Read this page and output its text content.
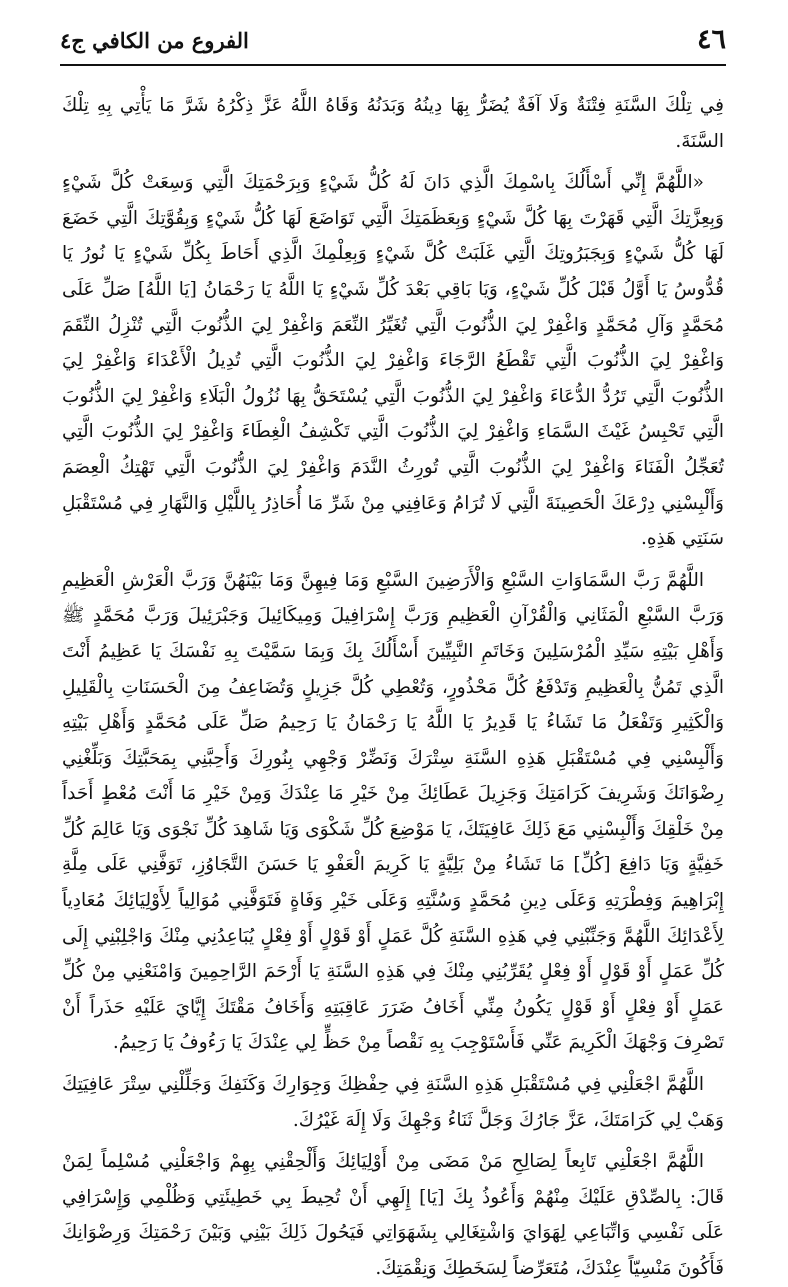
٤٦
الفروع من الكافي ج٤

فِي تِلْكَ السَّنَةِ فِتْنَةٌ وَلَا آفَةٌ يُضَرُّ بِهَا دِينُهُ وَبَدَنُهُ وَقَاهُ اللَّهُ عَزَّ ذِكْرُهُ شَرَّ مَا يَأْتِي بِهِ تِلْكَ السَّنَةَ.

«اللَّهُمَّ إِنِّي أَسْأَلُكَ بِاسْمِكَ الَّذِي دَانَ لَهُ كُلُّ شَيْءٍ وَبِرَحْمَتِكَ الَّتِي وَسِعَتْ كُلَّ شَيْءٍ وَبِعِزَّتِكَ الَّتِي قَهَرْتَ بِهَا كُلَّ شَيْءٍ وَبِعَظَمَتِكَ الَّتِي تَوَاضَعَ لَهَا كُلُّ شَيْءٍ وَبِقُوَّتِكَ الَّتِي خَضَعَ لَهَا كُلُّ شَيْءٍ وَبِجَبَرُوتِكَ الَّتِي غَلَبَتْ كُلَّ شَيْءٍ وَبِعِلْمِكَ الَّذِي أَحَاطَ بِكُلِّ شَيْءٍ يَا نُورُ يَا قُدُّوسُ يَا أَوَّلُ قَبْلَ كُلِّ شَيْءٍ، وَيَا بَاقِي بَعْدَ كُلِّ شَيْءٍ يَا اللَّهُ يَا رَحْمَانُ [يَا اللَّهُ] صَلِّ عَلَى مُحَمَّدٍ وَآلِ مُحَمَّدٍ وَاغْفِرْ لِيَ الذُّنُوبَ الَّتِي تُغَيِّرُ النِّعَمَ وَاغْفِرْ لِيَ الذُّنُوبَ الَّتِي تُنْزِلُ النِّقَمَ وَاغْفِرْ لِيَ الذُّنُوبَ الَّتِي تَقْطَعُ الرَّجَاءَ وَاغْفِرْ لِيَ الذُّنُوبَ الَّتِي تُدِيلُ الْأَعْدَاءَ وَاغْفِرْ لِيَ الذُّنُوبَ الَّتِي تَرُدُّ الدُّعَاءَ وَاغْفِرْ لِيَ الذُّنُوبَ الَّتِي يُسْتَحَقُّ بِهَا نُزُولُ الْبَلَاءِ وَاغْفِرْ لِيَ الذُّنُوبَ الَّتِي تَحْبِسُ غَيْثَ السَّمَاءِ وَاغْفِرْ لِيَ الذُّنُوبَ الَّتِي تَكْشِفُ الْغِطَاءَ وَاغْفِرْ لِيَ الذُّنُوبَ الَّتِي تُعَجِّلُ الْفَنَاءَ وَاغْفِرْ لِيَ الذُّنُوبَ الَّتِي تُورِثُ النَّدَمَ وَاغْفِرْ لِيَ الذُّنُوبَ الَّتِي تَهْتِكُ الْعِصَمَ وَأَلْبِسْنِي دِرْعَكَ الْحَصِينَةَ الَّتِي لَا تُرَامُ وَعَافِنِي مِنْ شَرِّ مَا أُحَاذِرُ بِاللَّيْلِ وَالنَّهَارِ فِي مُسْتَقْبَلِ سَنَتِي هَذِهِ.

اللَّهُمَّ رَبَّ السَّمَاوَاتِ السَّبْعِ وَالْأَرَضِينَ السَّبْعِ وَمَا فِيهِنَّ وَمَا بَيْنَهُنَّ وَرَبَّ الْعَرْشِ الْعَظِيمِ وَرَبَّ السَّبْعِ الْمَثَانِي وَالْقُرْآنِ الْعَظِيمِ وَرَبَّ إِسْرَافِيلَ وَمِيكَائِيلَ وَجَبْرَئِيلَ وَرَبَّ مُحَمَّدٍ ﷺ وَأَهْلِ بَيْتِهِ سَيِّدِ الْمُرْسَلِينَ وَخَاتَمِ النَّبِيِّينَ أَسْأَلُكَ بِكَ وَبِمَا سَمَّيْتَ بِهِ نَفْسَكَ يَا عَظِيمُ أَنْتَ الَّذِي تَمُنُّ بِالْعَظِيمِ وَتَدْفَعُ كُلَّ مَحْذُورٍ، وَتُعْطِي كُلَّ جَزِيلٍ وَتُضَاعِفُ مِنَ الْحَسَنَاتِ بِالْقَلِيلِ وَالْكَثِيرِ وَتَفْعَلُ مَا تَشَاءُ يَا قَدِيرُ يَا اللَّهُ يَا رَحْمَانُ يَا رَحِيمُ صَلِّ عَلَى مُحَمَّدٍ وَأَهْلِ بَيْتِهِ وَأَلْبِسْنِي فِي مُسْتَقْبَلِ هَذِهِ السَّنَةِ سِتْرَكَ وَنَضِّرْ وَجْهِي بِنُورِكَ وَأَحِبَّنِي بِمَحَبَّتِكَ وَبَلِّغْنِي رِضْوَانَكَ وَشَرِيفَ كَرَامَتِكَ وَجَزِيلَ عَطَائِكَ مِنْ خَيْرِ مَا عِنْدَكَ وَمِنْ خَيْرِ مَا أَنْتَ مُعْطٍ أَحَداً مِنْ خَلْقِكَ وَأَلْبِسْنِي مَعَ ذَلِكَ عَافِيَتَكَ، يَا مَوْضِعَ كُلِّ شَكْوَى وَيَا شَاهِدَ كُلِّ نَجْوَى وَيَا عَالِمَ كُلِّ خَفِيَّةٍ وَيَا دَافِعَ [كُلِّ] مَا تَشَاءُ مِنْ بَلِيَّةٍ يَا كَرِيمَ الْعَفْوِ يَا حَسَنَ التَّجَاوُزِ، تَوَفَّنِي عَلَى مِلَّةِ إِبْرَاهِيمَ وَفِطْرَتِهِ وَعَلَى دِينِ مُحَمَّدٍ وَسُنَّتِهِ وَعَلَى خَيْرِ وَفَاةٍ فَتَوَفَّنِي مُوَالِياً لِأَوْلِيَائِكَ مُعَادِياً لِأَعْدَائِكَ اللَّهُمَّ وَجَنِّبْنِي فِي هَذِهِ السَّنَةِ كُلَّ عَمَلٍ أَوْ قَوْلٍ أَوْ فِعْلٍ يُبَاعِدُنِي مِنْكَ وَاجْلِبْنِي إِلَى كُلِّ عَمَلٍ أَوْ قَوْلٍ أَوْ فِعْلٍ يُقَرِّبُنِي مِنْكَ فِي هَذِهِ السَّنَةِ يَا أَرْحَمَ الرَّاحِمِينَ وَامْنَعْنِي مِنْ كُلِّ عَمَلٍ أَوْ فِعْلٍ أَوْ قَوْلٍ يَكُونُ مِنِّي أَخَافُ ضَرَرَ عَاقِبَتِهِ وَأَخَافُ مَقْتَكَ إِيَّايَ عَلَيْهِ حَذَراً أَنْ تَصْرِفَ وَجْهَكَ الْكَرِيمَ عَنِّي فَأَسْتَوْجِبَ بِهِ نَقْصاً مِنْ حَظٍّ لِي عِنْدَكَ يَا رَءُوفُ يَا رَحِيمُ.

اللَّهُمَّ اجْعَلْنِي فِي مُسْتَقْبَلِ هَذِهِ السَّنَةِ فِي حِفْظِكَ وَجِوَارِكَ وَكَنَفِكَ وَجَلِّلْنِي سِتْرَ عَافِيَتِكَ وَهَبْ لِي كَرَامَتَكَ، عَزَّ جَارُكَ وَجَلَّ ثَنَاءُ وَجْهِكَ وَلَا إِلَهَ غَيْرُكَ.

اللَّهُمَّ اجْعَلْنِي تَابِعاً لِصَالِحِ مَنْ مَضَى مِنْ أَوْلِيَائِكَ وَأَلْحِقْنِي بِهِمْ وَاجْعَلْنِي مُسْلِماً لِمَنْ قَالَ: بِالصِّدْقِ عَلَيْكَ مِنْهُمْ وَأَعُوذُ بِكَ [يَا] إِلَهِي أَنْ تُحِيطَ بِي خَطِيئَتِي وَظُلْمِي وَإِسْرَافِي عَلَى نَفْسِي وَاتِّبَاعِي لِهَوَايَ وَاشْتِغَالِي بِشَهَوَاتِي فَيَحُولَ ذَلِكَ بَيْنِي وَبَيْنَ رَحْمَتِكَ وَرِضْوَانِكَ فَأَكُونَ مَنْسِيّاً عِنْدَكَ، مُتَعَرِّضاً لِسَخَطِكَ وَنِقْمَتِكَ.
